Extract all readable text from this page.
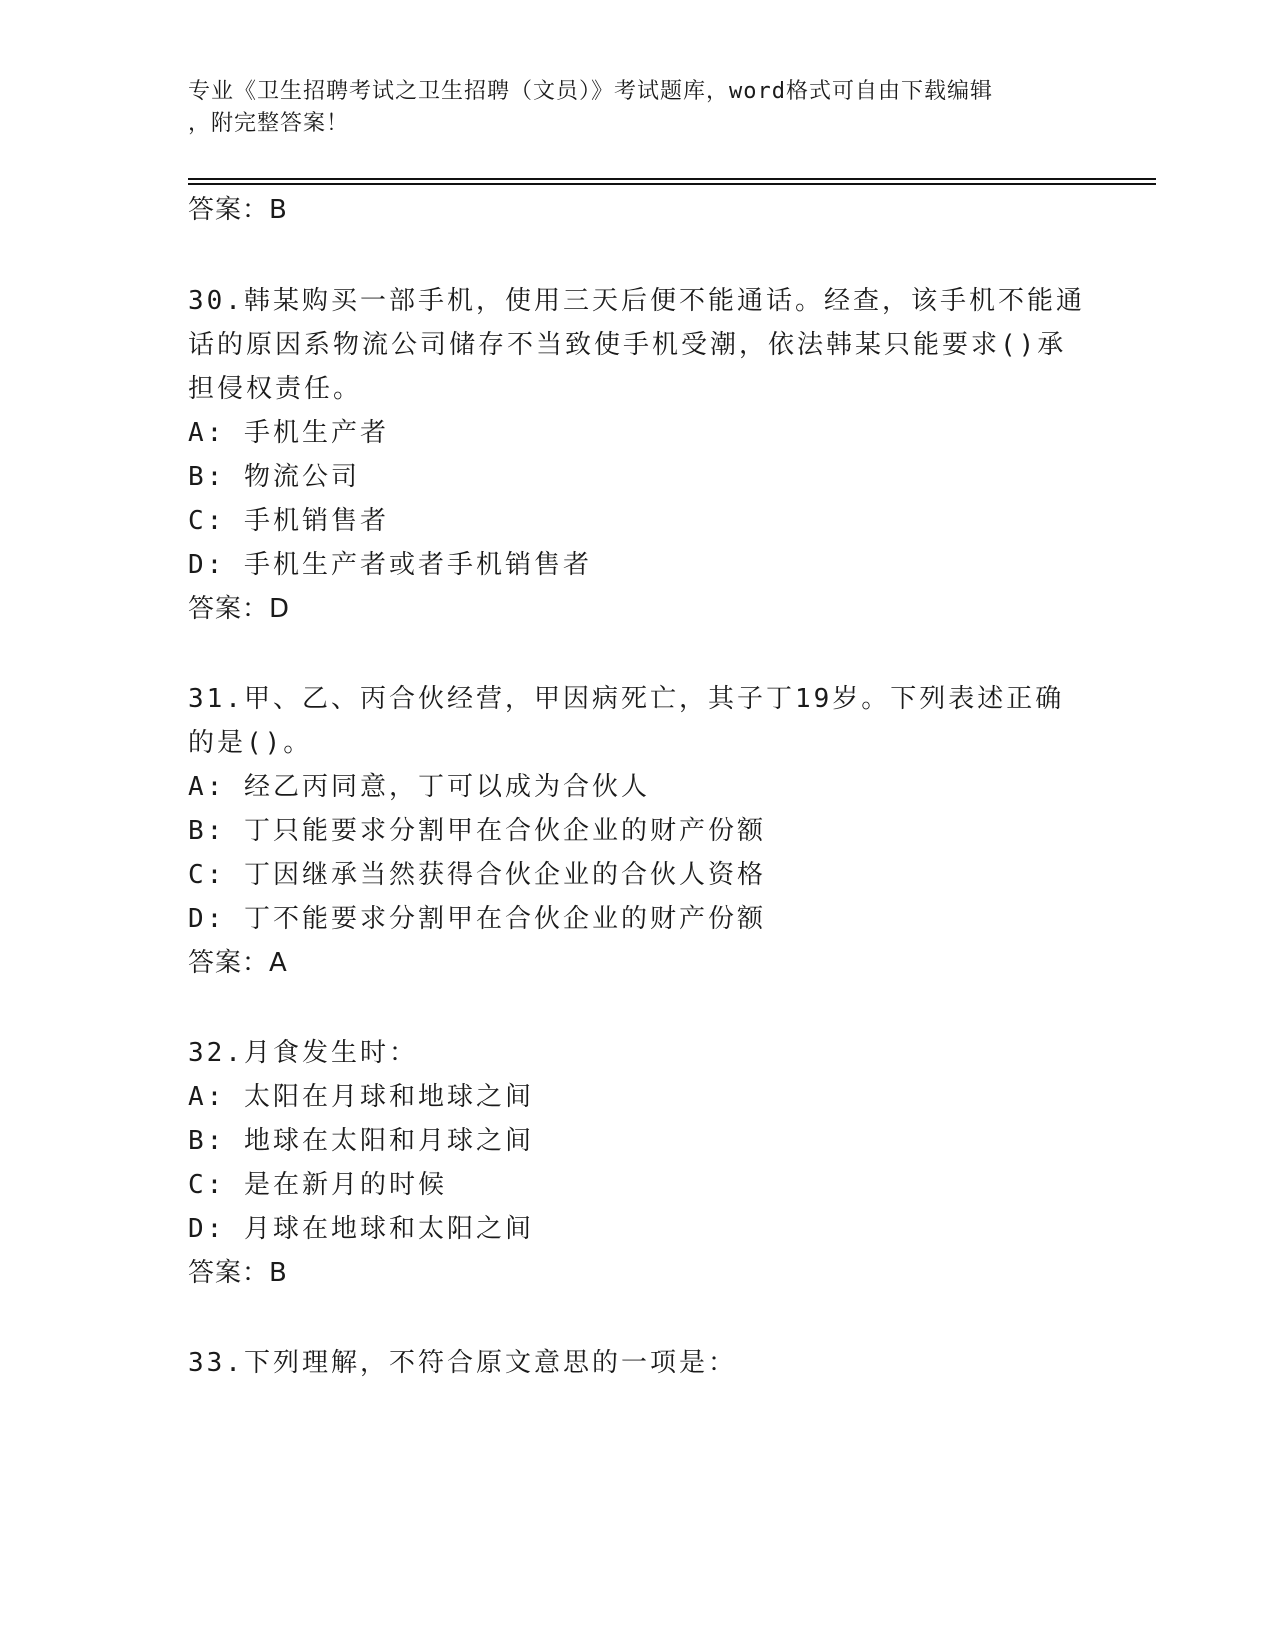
专业《卫生招聘考试之卫生招聘（文员）》考试题库，word格式可自由下载编辑
，附完整答案！
答案：B
30.韩某购买一部手机，使用三天后便不能通话。经查，该手机不能通
话的原因系物流公司储存不当致使手机受潮，依法韩某只能要求()承
担侵权责任。
A: 手机生产者
B: 物流公司
C: 手机销售者
D: 手机生产者或者手机销售者
答案：D
31.甲、乙、丙合伙经营，甲因病死亡，其子丁19岁。下列表述正确
的是()。
A: 经乙丙同意，丁可以成为合伙人
B: 丁只能要求分割甲在合伙企业的财产份额
C: 丁因继承当然获得合伙企业的合伙人资格
D: 丁不能要求分割甲在合伙企业的财产份额
答案：A
32.月食发生时：
A: 太阳在月球和地球之间
B: 地球在太阳和月球之间
C: 是在新月的时候
D: 月球在地球和太阳之间
答案：B
33.下列理解，不符合原文意思的一项是：
